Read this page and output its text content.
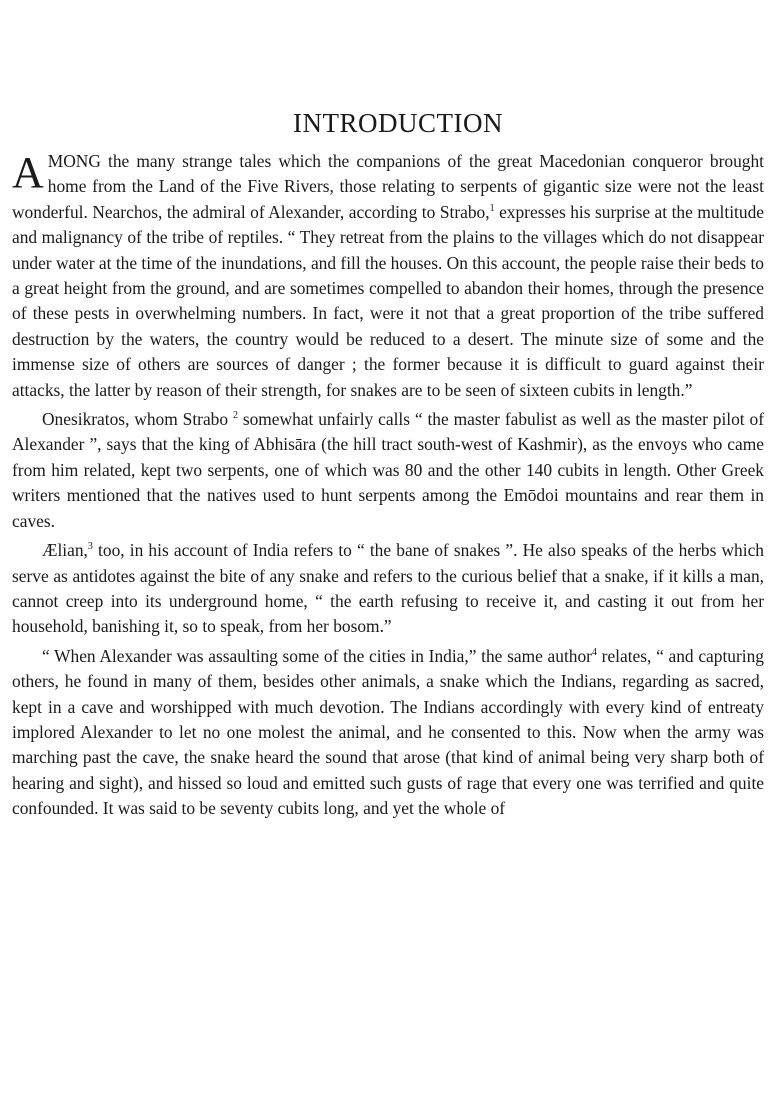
INTRODUCTION

AMONG the many strange tales which the companions of the great Macedonian conqueror brought home from the Land of the Five Rivers, those relating to serpents of gigantic size were not the least wonderful. Nearchos, the admiral of Alexander, according to Strabo,$^1$ expresses his surprise at the multitude and malignancy of the tribe of reptiles. “ They retreat from the plains to the villages which do not disappear under water at the time of the inundations, and fill the houses. On this account, the people raise their beds to a great height from the ground, and are sometimes compelled to abandon their homes, through the presence of these pests in overwhelming numbers. In fact, were it not that a great proportion of the tribe suffered destruction by the waters, the country would be reduced to a desert. The minute size of some and the immense size of others are sources of danger ; the former because it is difficult to guard against their attacks, the latter by reason of their strength, for snakes are to be seen of sixteen cubits in length.”

Onesikratos, whom Strabo $^2$ somewhat unfairly calls “ the master fabulist as well as the master pilot of Alexander ”, says that the king of Abhisāra (the hill tract south-west of Kashmir), as the envoys who came from him related, kept two serpents, one of which was 80 and the other 140 cubits in length. Other Greek writers mentioned that the natives used to hunt serpents among the Emōdoi mountains and rear them in caves.

Ælian,$^3$ too, in his account of India refers to “ the bane of snakes ”. He also speaks of the herbs which serve as antidotes against the bite of any snake and refers to the curious belief that a snake, if it kills a man, cannot creep into its underground home, “ the earth refusing to receive it, and casting it out from her household, banishing it, so to speak, from her bosom.”

“ When Alexander was assaulting some of the cities in India,” the same author$^4$ relates, “ and capturing others, he found in many of them, besides other animals, a snake which the Indians, regarding as sacred, kept in a cave and worshipped with much devotion. The Indians accordingly with every kind of entreaty implored Alexander to let no one molest the animal, and he consented to this. Now when the army was marching past the cave, the snake heard the sound that arose (that kind of animal being very sharp both of hearing and sight), and hissed so loud and emitted such gusts of rage that every one was terrified and quite confounded. It was said to be seventy cubits long, and yet the whole of
